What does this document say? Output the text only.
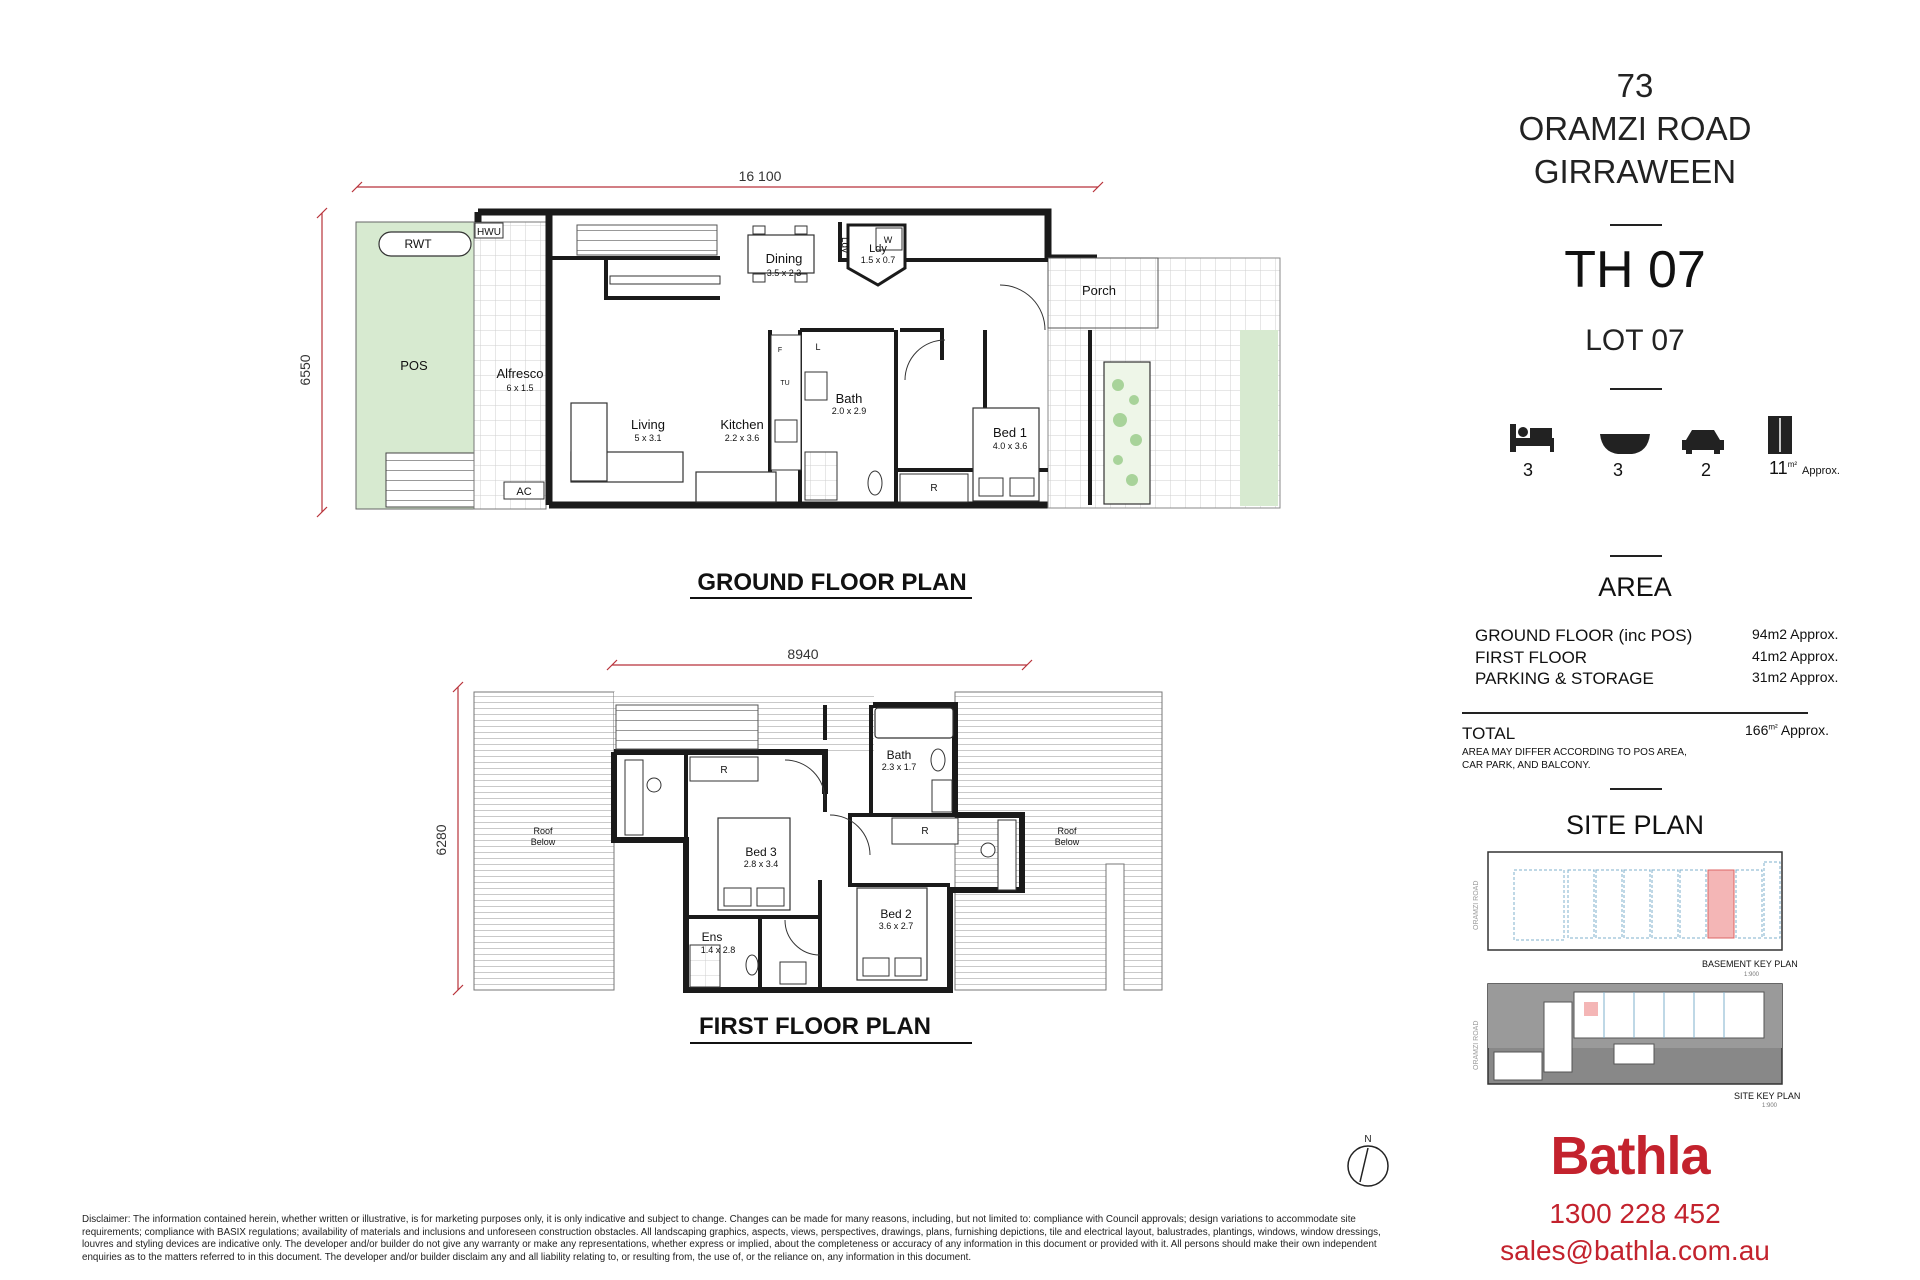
16 100
6550
RWT
HWU
POS
AC
Alfresco
6 x 1.5
Dining
3.5 x 2.3
Ldy
1.5 x 0.7
W
Living
5 x 3.1
Kitchen
2.2 x 3.6
Bath
2.0 x 2.9
Bed 1
4.0 x 3.6
R
Porch
L
F
TU
Ldy
GROUND FLOOR PLAN
8940
6280	Roof Below
Roof Below
Bath
2.3 x 1.7
R
R
Bed 3
2.8 x 3.4
Bed 2
3.6 x 2.7
Ens
1.4 x 2.8
FIRST FLOOR PLAN
N
73
ORAMZI ROAD
GIRRAWEEN
TH 07
LOT 07
3	3	2	$11^{m^2}$ Approx.
AREA
GROUND FLOOR (inc POS)	94m2 Approx.
FIRST FLOOR	41m2 Approx.
PARKING & STORAGE	31m2 Approx.
TOTAL	$166^{m^2}$ Approx.
AREA MAY DIFFER ACCORDING TO POS AREA, CAR PARK, AND BALCONY.
SITE PLAN
ORAMZI ROAD
BASEMENT KEY PLAN
1:900
ORAMZI ROAD
SITE KEY PLAN
1:900
Bathla
1300 228 452
sales@bathla.com.au
Disclaimer: The information contained herein, whether written or illustrative, is for marketing purposes only, it is only indicative and subject to change. Changes can be made for many reasons, including, but not limited to: compliance with Council approvals; design variations to accommodate site requirements; compliance with BASIX regulations; availability of materials and inclusions and unforeseen construction obstacles. All landscaping graphics, aspects, views, perspectives, drawings, plans, furnishing depictions, tile and electrical layout, balustrades, plantings, windows, window dressings, louvres and styling devices are indicative only. The developer and/or builder do not give any warranty or make any representations, whether express or implied, about the completeness or accuracy of any information in this document or provided with it. All persons should make their own independent enquiries as to the matters referred to in this document. The developer and/or builder disclaim any and all liability relating to, or resulting from, the use of, or the reliance on, any information in this document.
